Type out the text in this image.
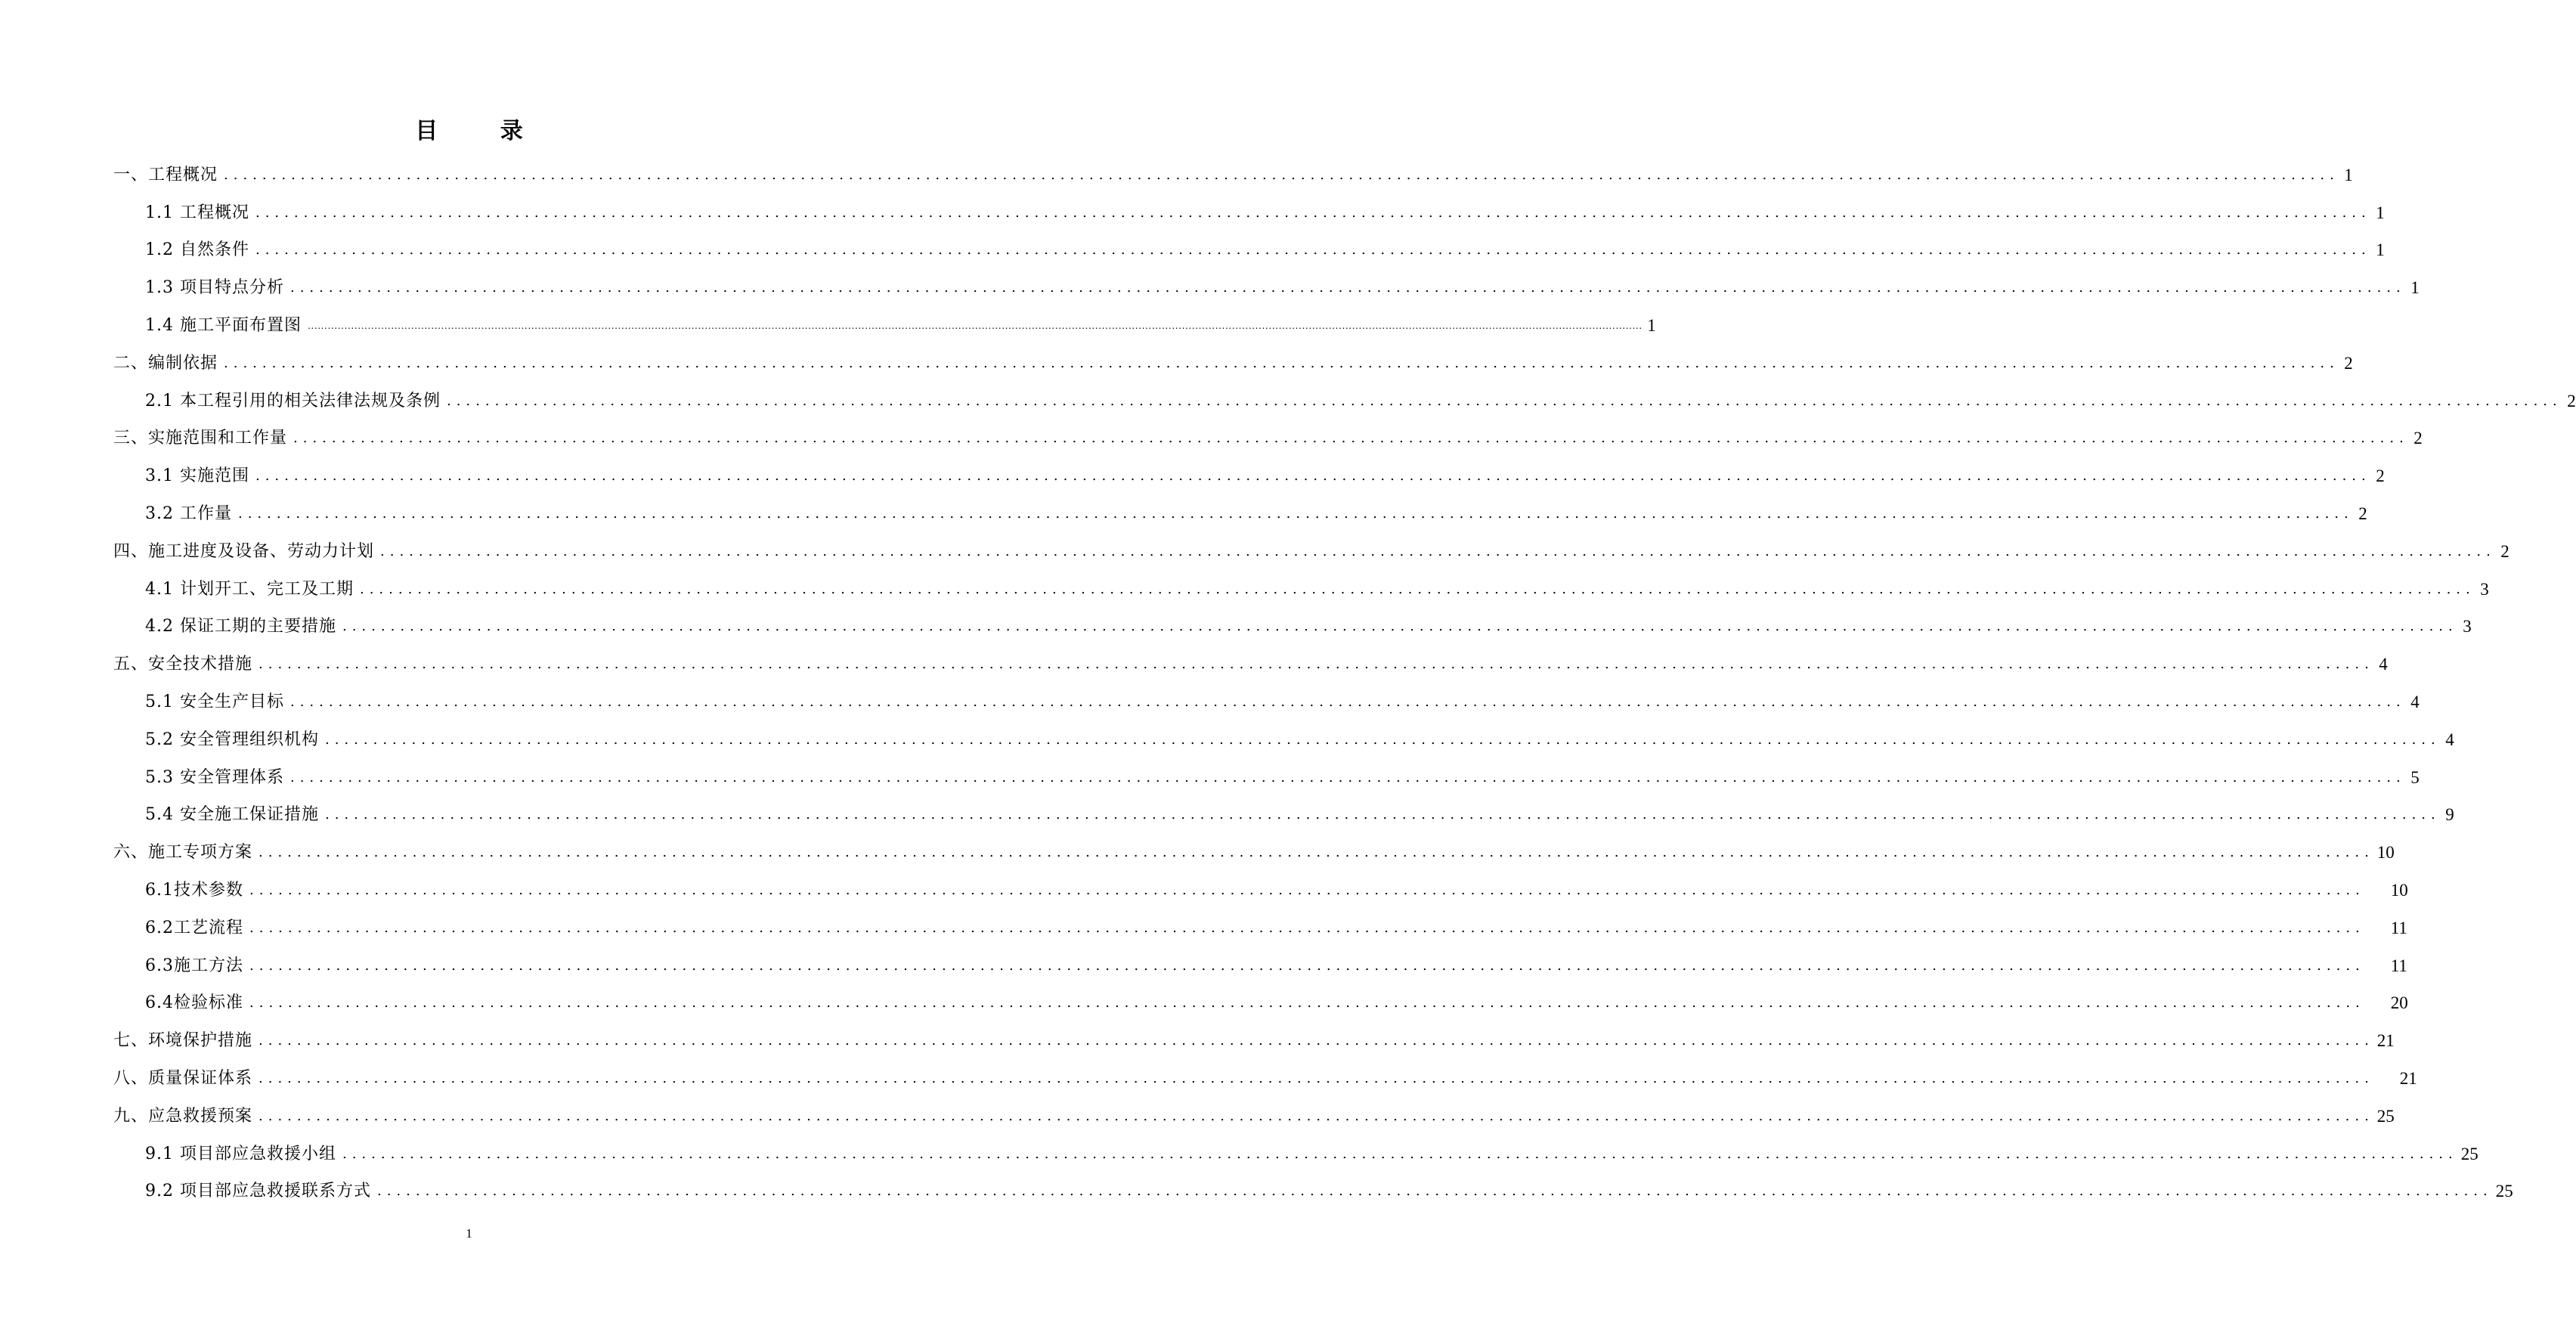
目 录
一、工程概况 ............................................................................................................................................................................................................................ 1
1.1 工程概况 ............................................................................................................................................................................................................................ 1
1.2 自然条件 ............................................................................................................................................................................................................................ 1
1.3 项目特点分析 ............................................................................................................................................................................................................................ 1
1.4 施工平面布置图 ................................................................................................................................................................................................................................................................................................................................................................................................................ 1
二、编制依据 ............................................................................................................................................................................................................................ 2
2.1 本工程引用的相关法律法规及条例 ............................................................................................................................................................................................................................ 2
三、实施范围和工作量 ............................................................................................................................................................................................................................ 2
3.1 实施范围 ............................................................................................................................................................................................................................ 2
3.2 工作量 ............................................................................................................................................................................................................................ 2
四、施工进度及设备、劳动力计划 ............................................................................................................................................................................................................................ 2
4.1 计划开工、完工及工期 ............................................................................................................................................................................................................................ 3
4.2 保证工期的主要措施 ............................................................................................................................................................................................................................ 3
五、安全技术措施 ............................................................................................................................................................................................................................ 4
5.1 安全生产目标 ............................................................................................................................................................................................................................ 4
5.2 安全管理组织机构 ............................................................................................................................................................................................................................ 4
5.3 安全管理体系 ............................................................................................................................................................................................................................ 5
5.4 安全施工保证措施 ............................................................................................................................................................................................................................ 9
六、施工专项方案 ............................................................................................................................................................................................................................ 10
6.1技术参数 ............................................................................................................................................................................................................................ 10
6.2工艺流程 ............................................................................................................................................................................................................................ 11
6.3施工方法 ............................................................................................................................................................................................................................ 11
6.4检验标准 ............................................................................................................................................................................................................................ 20
七、环境保护措施 ............................................................................................................................................................................................................................ 21
八、质量保证体系 ............................................................................................................................................................................................................................ 21
九、应急救援预案 ............................................................................................................................................................................................................................ 25
9.1 项目部应急救援小组 ............................................................................................................................................................................................................................ 25
9.2 项目部应急救援联系方式 ............................................................................................................................................................................................................................ 25
1
